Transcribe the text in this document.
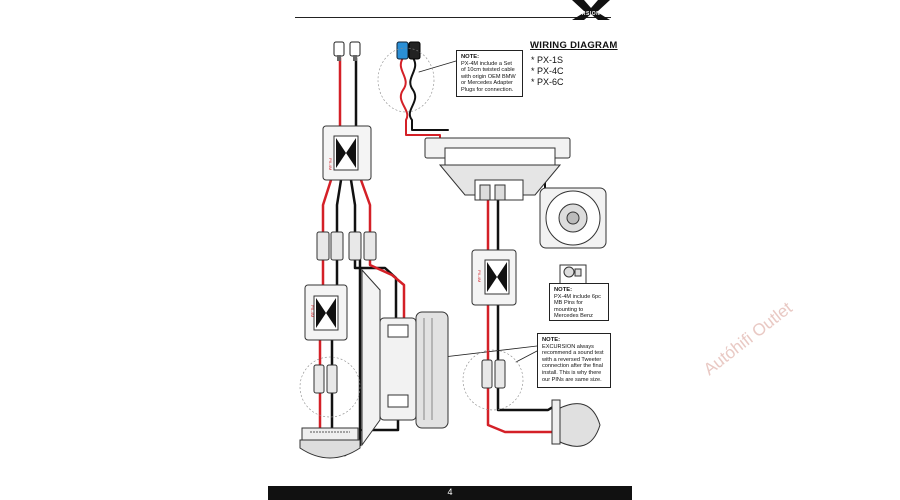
EXCURSION
WIRING DIAGRAM
* PX-1S
* PX-4C
* PX-6C
PX-4M
PX-4M
PX-4M
NOTE:
PX-4M include a Set of 10cm twisted cable with origin OEM BMW or Mercedes Adapter Plugs for connection.
NOTE:
PX-4M include 6pc MB Pins for mounting to Mercedes Benz
NOTE:
EXCURSION always recommend a sound test with a reversed Tweeter connection after the final install. This is why there our PINs are same size.
Autóhifi Outlet
4
